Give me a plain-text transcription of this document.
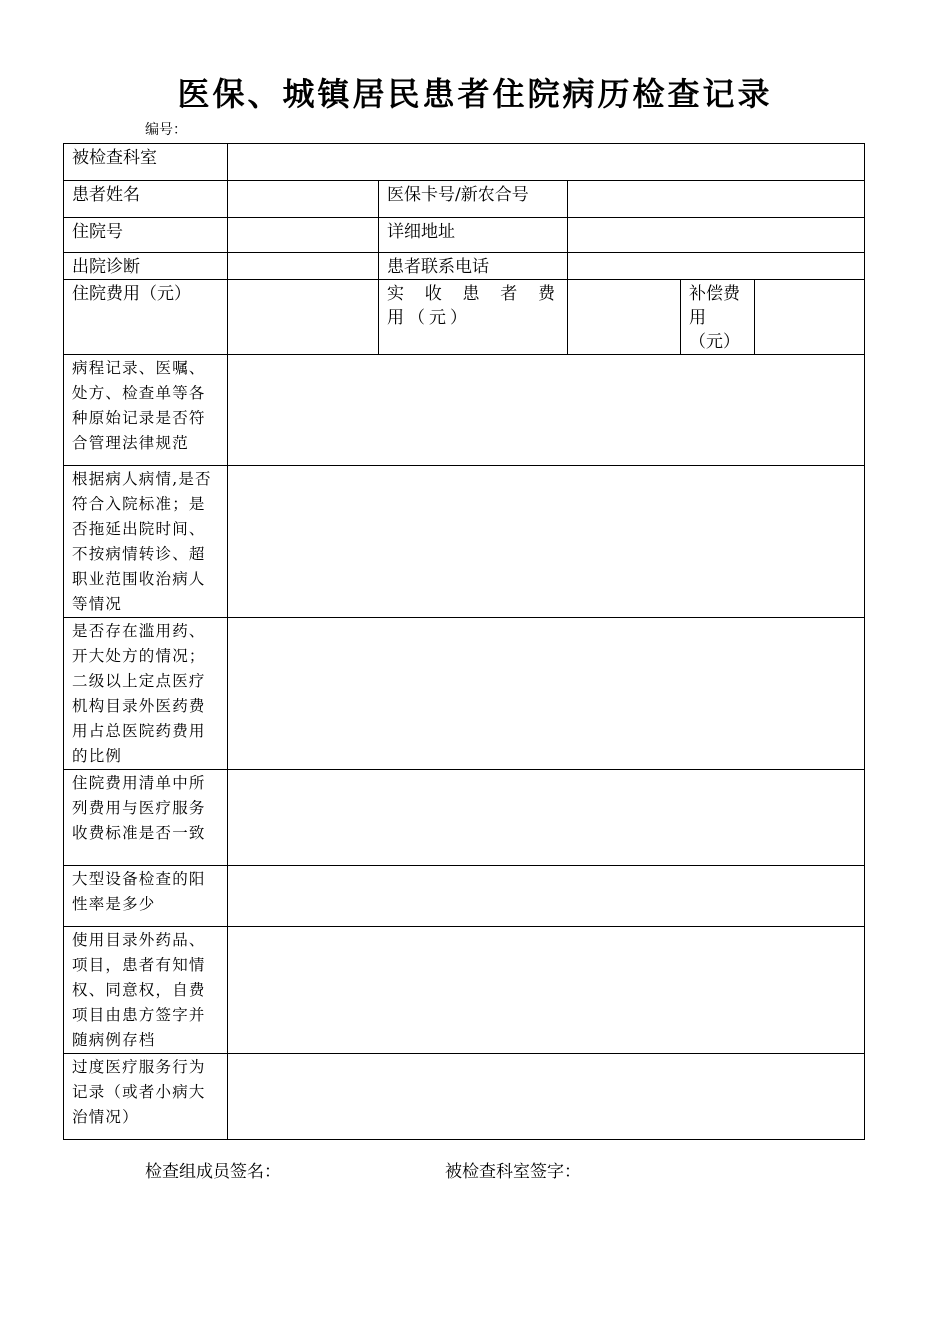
医保、城镇居民患者住院病历检查记录
编号：
被检查科室					
患者姓名		医保卡号/新农合号			
住院号		详细地址			
出院诊断		患者联系电话			
住院费用（元）		实 收 患 者 费 用（元）		补偿费用（元）	
病程记录、医嘱、处方、检查单等各种原始记录是否符合管理法律规范					
根据病人病情,是否符合入院标准；是否拖延出院时间、不按病情转诊、超职业范围收治病人等情况					
是否存在滥用药、开大处方的情况；二级以上定点医疗机构目录外医药费用占总医院药费用的比例					
住院费用清单中所列费用与医疗服务收费标准是否一致					
大型设备检查的阳性率是多少					
使用目录外药品、项目，患者有知情权、同意权，自费项目由患方签字并随病例存档					
过度医疗服务行为记录（或者小病大治情况）					
检查组成员签名：	被检查科室签字：
